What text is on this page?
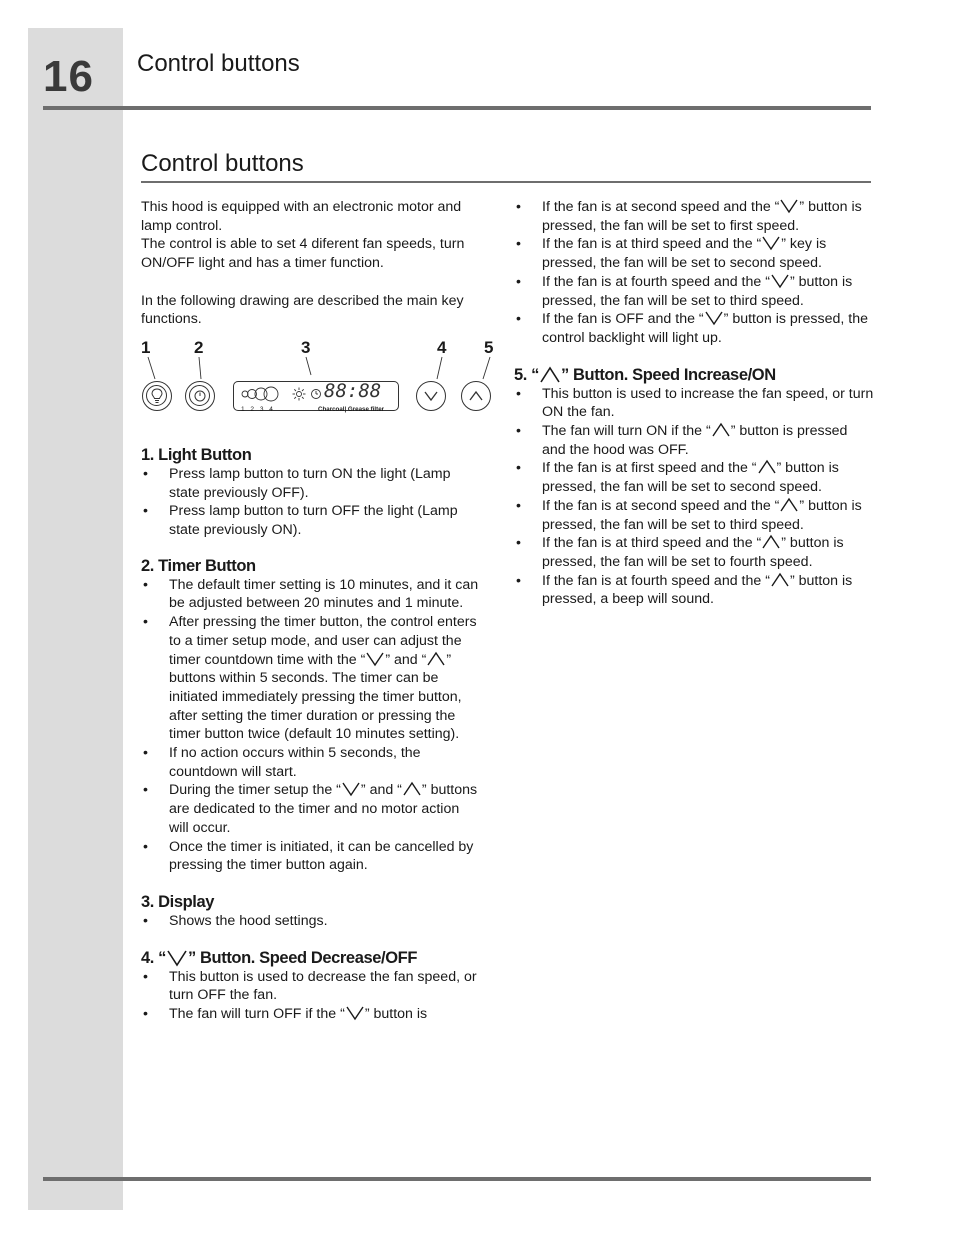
16 Control buttons
Control buttons

This hood is equipped with an electronic motor and lamp control.

The control is able to set 4 diferent fan speeds, turn ON/OFF light and has a timer function.

In the following drawing are described the main key functions.

1	2	3	4 5
1 2 3 4
88:88
Charcoal| Grease filter
1. Light Button
• Press lamp button to turn ON the light (Lamp state previously OFF).
• Press lamp button to turn OFF the light (Lamp state previously ON).
2. Timer Button
• The default timer setting is 10 minutes, and it can be adjusted between 20 minutes and 1 minute.
• After pressing the timer button, the control enters to a timer setup mode, and user can adjust the timer countdown time with the “ ” and “ ” buttons within 5 seconds. The timer can be initiated immediately pressing the timer button, after setting the timer duration or pressing the timer button twice (default 10 minutes setting).
• If no action occurs within 5 seconds, the countdown will start.
• During the timer setup the “ ” and “ ” buttons are dedicated to the timer and no motor action will occur.
• Once the timer is initiated, it can be cancelled by pressing the timer button again.
3. Display
• Shows the hood settings.
4. “ ” Button. Speed Decrease/OFF
• This button is used to decrease the fan speed, or turn OFF the fan.
• The fan will turn OFF if the “ ” button is
• If the fan is at second speed and the “ ” button is pressed, the fan will be set to first speed.
• If the fan is at third speed and the “ ” key is pressed, the fan will be set to second speed.
• If the fan is at fourth speed and the “ ” button is pressed, the fan will be set to third speed.
• If the fan is OFF and the “ ” button is pressed, the control backlight will light up.
5. “ ” Button. Speed Increase/ON
• This button is used to increase the fan speed, or turn ON the fan.
• The fan will turn ON if the “ ” button is pressed and the hood was OFF.
• If the fan is at first speed and the “ ” button is pressed, the fan will be set to second speed.
• If the fan is at second speed and the “ ” button is pressed, the fan will be set to third speed.
• If the fan is at third speed and the “ ” button is pressed, the fan will be set to fourth speed.
• If the fan is at fourth speed and the “ ” button is pressed, a beep will sound.
